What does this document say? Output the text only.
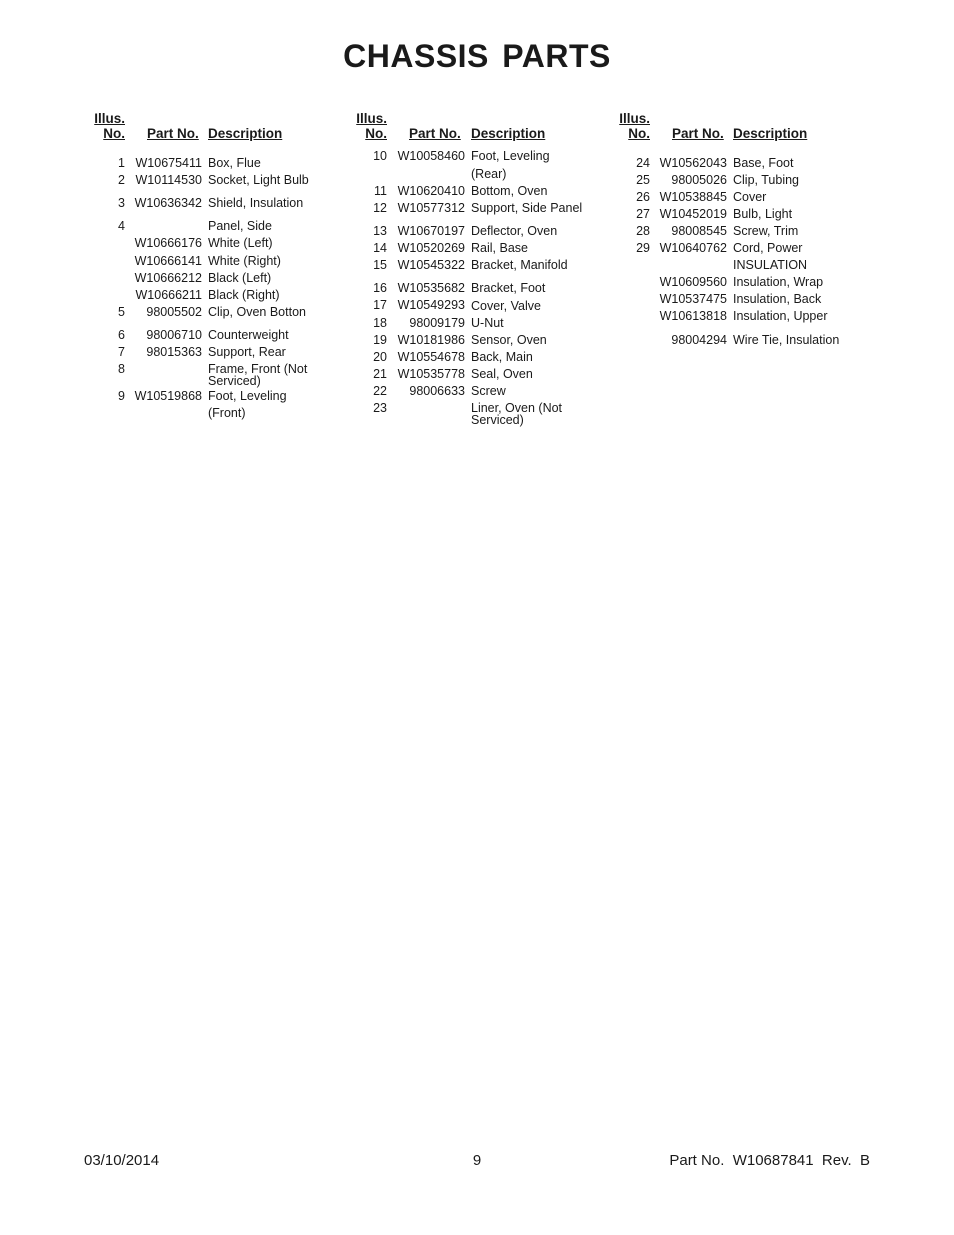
CHASSIS PARTS
Illus.
No. Part No. Description
1 W10675411 Box, Flue
2 W10114530 Socket, Light Bulb
3 W10636342 Shield, Insulation
4	Panel, Side
W10666176 White (Left)
W10666141 White (Right)
W10666212 Black (Left)
W10666211 Black (Right)
5	98005502 Clip, Oven Botton
6	98006710 Counterweight
7	98015363 Support, Rear
8	Frame, Front (Not Serviced)
9 W10519868 Foot, Leveling
(Front)
Illus.
No. Part No. Description
10 W10058460 Foot, Leveling
(Rear)
11 W10620410 Bottom, Oven
12 W10577312 Support, Side Panel
13 W10670197 Deflector, Oven
14 W10520269 Rail, Base
15 W10545322 Bracket, Manifold
16 W10535682 Bracket, Foot
17 W10549293 Cover, Valve
18	98009179 U-Nut
19 W10181986 Sensor, Oven
20 W10554678 Back, Main
21 W10535778 Seal, Oven
22	98006633 Screw
23	Liner, Oven (Not Serviced)
Illus.
No. Part No. Description
24 W10562043 Base, Foot
25	98005026 Clip, Tubing
26 W10538845 Cover
27 W10452019 Bulb, Light
28	98008545 Screw, Trim
29 W10640762 Cord, Power
INSULATION
W10609560 Insulation, Wrap
W10537475 Insulation, Back
W10613818 Insulation, Upper
98004294 Wire Tie, Insulation
03/10/2014	9	Part No.  W10687841  Rev.  B
